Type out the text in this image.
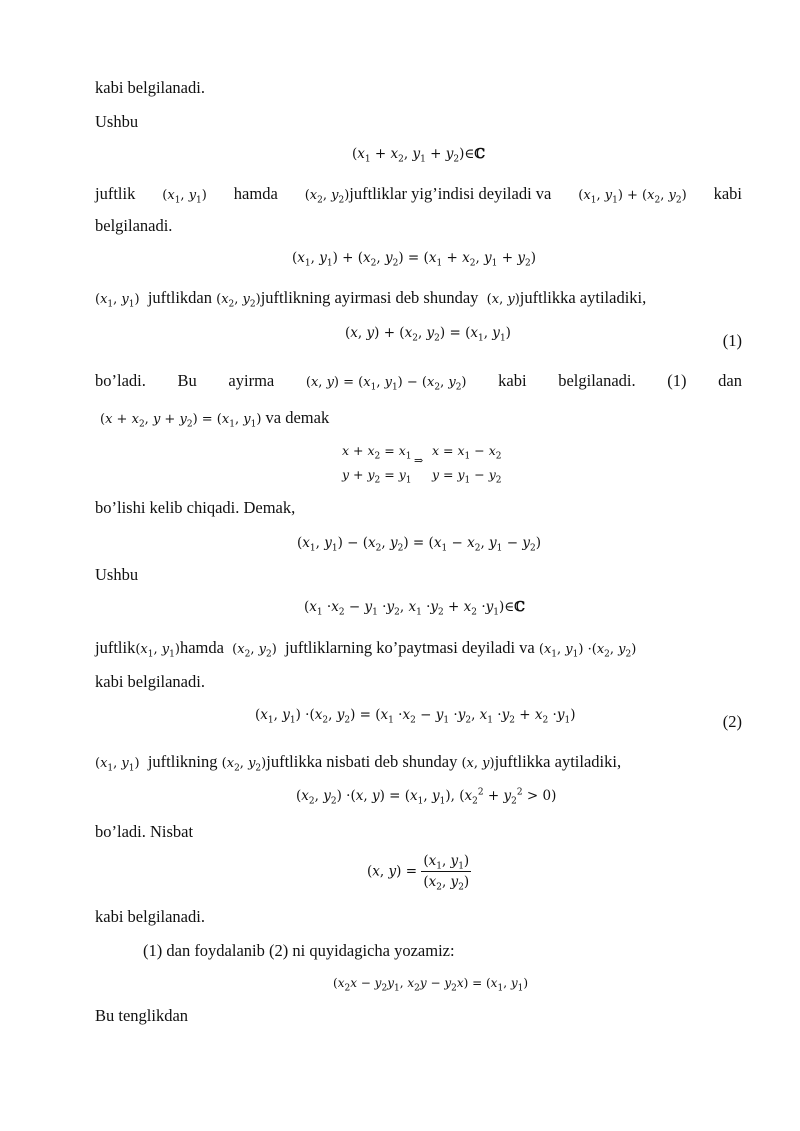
kabi belgilanadi.
Ushbu
($x_1 + x_2$, $y_1$ + $y_2)\in ℂ$
juftlik ($x_1$, $y_1$) hamda ($x_2$, $y_2)juftliklar$ yig’indisi deyiladi va ($x_1$, $y_1) + (x_2$, $y_2$) kabi
belgilanadi.
($x_1$, $y_1) + (x_2$, $y_2) = (x_1 + x_2$, $y_1 + y_2$)
($x_1$, $y_1$) juftlikdan ($x_2$, $y_2)juftlikning$ ayirmasi deb shunday (x, y)juftlikka aytiladiki,
(x, $y) + (x_2$, $y_2) = (x_1$, $y_1$)	(1)
bo’ladi. Bu ayirma (x, $y) = (x_1$, $y_1) - (x_2$, $y_2$) kabi belgilanadi. (1) dan
($x + x_2$, $y + y_2) = (x_1$, $y_1$) va demak
$x + x_2 = x_1$
$y + y_2 = y_1$
⇒
$x = x_1 - x_2$
$y = y_1 - y_2$
bo’lishi kelib chiqadi. Demak,
($x_1$, $y_1) - (x_2$, $y_2) = (x_1 - x_2$, $y_1 - y_2$)
Ushbu
($x_1 \cdot x_2 - y_1 \cdot y_2$, $x_1 \cdot y_2 + x_2$ $\cdot y_1)\in ℂ$
$juftlik(x_1$, $y_1)hamda$ ($x_2$, $y_2$) juftliklarning ko’paytmasi deyiladi va ($x_1$, $y_1) \cdot(x_2$, $y_2$)
kabi belgilanadi.
($x_1$, $y_1) \cdot(x_2$, $y_2) = (x_1 \cdot x_2 - y_1 \cdot y_2$, $x_1 \cdot y_2 + x_2 \cdot y_1$)	(2)
($x_1$, $y_1$) juftlikning ($x_2$, $y_2)juftlikka$ nisbati deb shunday (x, y)juftlikka aytiladiki,
($x_2$, $y_2) \cdot(x$, $y) = (x_1$, $y_1$), $(x_2^2 + y_2^2 > 0)$
bo’ladi. Nisbat
(x, $y) = \frac{(x_1, y_1)}{(x_2, y_2)}$
kabi belgilanadi.
(1) dan foydalanib (2) ni quyidagicha yozamiz:
($x_2x - y_2y_1$, $x_2y - y_2x) = (x_1$, $y_1$)
Bu tenglikdan
